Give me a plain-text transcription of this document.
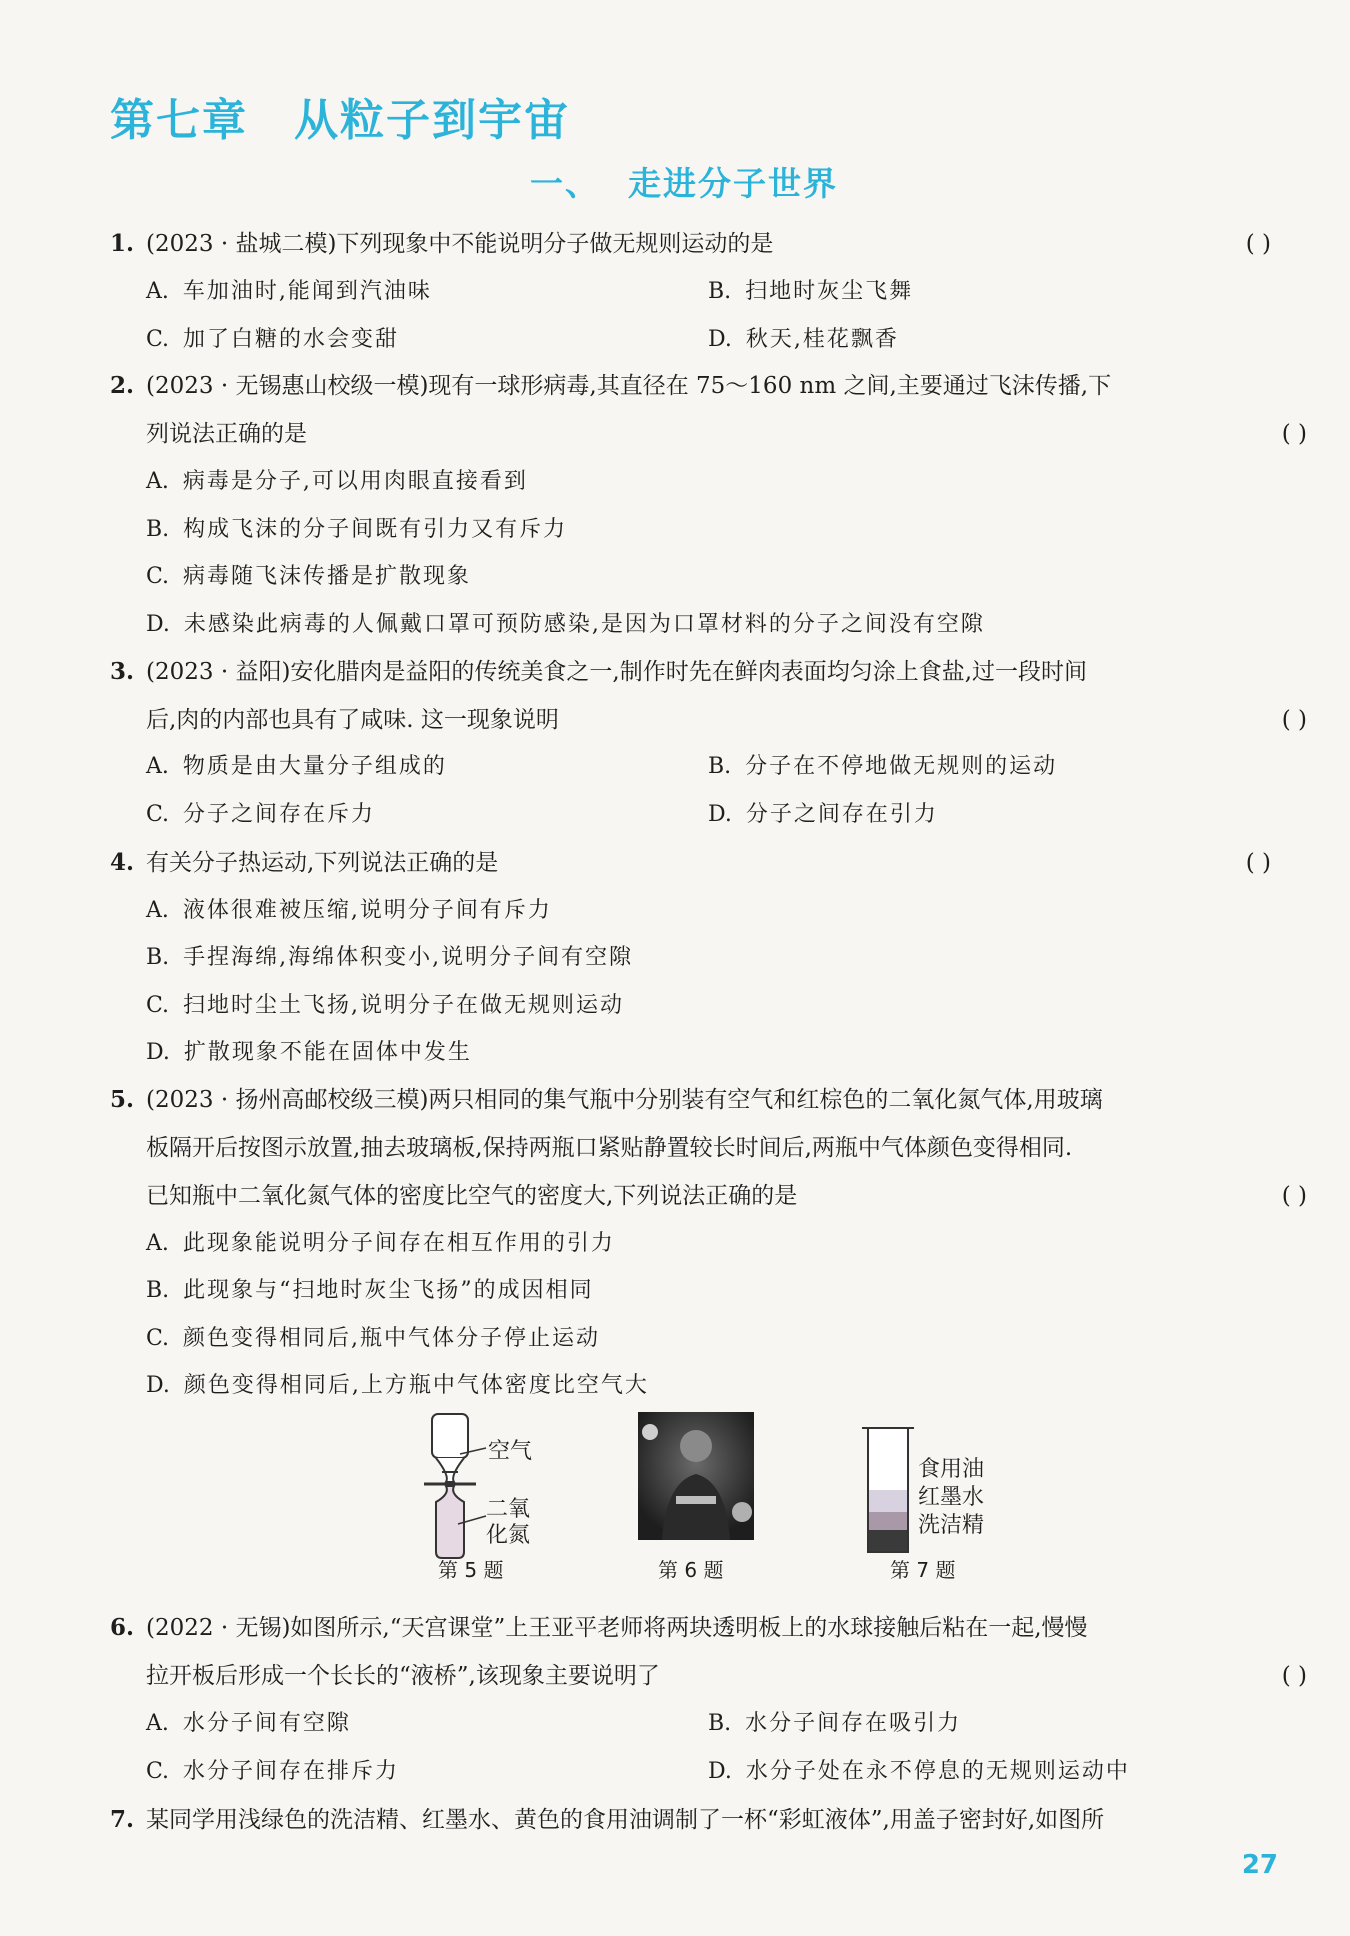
第七章 从粒子到宇宙
一、 走进分子世界
1. (2023 · 盐城二模)下列现象中不能说明分子做无规则运动的是	( )
A. 车加油时,能闻到汽油味	B. 扫地时灰尘飞舞
C. 加了白糖的水会变甜	D. 秋天,桂花飘香
2. (2023 · 无锡惠山校级一模)现有一球形病毒,其直径在 75～160 nm 之间,主要通过飞沫传播,下
列说法正确的是	( )
A. 病毒是分子,可以用肉眼直接看到
B. 构成飞沫的分子间既有引力又有斥力
C. 病毒随飞沫传播是扩散现象
D. 未感染此病毒的人佩戴口罩可预防感染,是因为口罩材料的分子之间没有空隙
3. (2023 · 益阳)安化腊肉是益阳的传统美食之一,制作时先在鲜肉表面均匀涂上食盐,过一段时间
后,肉的内部也具有了咸味. 这一现象说明	( )
A. 物质是由大量分子组成的	B. 分子在不停地做无规则的运动
C. 分子之间存在斥力	D. 分子之间存在引力
4. 有关分子热运动,下列说法正确的是	( )
A. 液体很难被压缩,说明分子间有斥力
B. 手捏海绵,海绵体积变小,说明分子间有空隙
C. 扫地时尘土飞扬,说明分子在做无规则运动
D. 扩散现象不能在固体中发生
5. (2023 · 扬州高邮校级三模)两只相同的集气瓶中分别装有空气和红棕色的二氧化氮气体,用玻璃
板隔开后按图示放置,抽去玻璃板,保持两瓶口紧贴静置较长时间后,两瓶中气体颜色变得相同.
已知瓶中二氧化氮气体的密度比空气的密度大,下列说法正确的是	( )
A. 此现象能说明分子间存在相互作用的引力
B. 此现象与“扫地时灰尘飞扬”的成因相同
C. 颜色变得相同后,瓶中气体分子停止运动
D. 颜色变得相同后,上方瓶中气体密度比空气大
空气
二氧
化氮
第 5 题	第 6 题
食用油
红墨水
洗洁精
第 7 题
6. (2022 · 无锡)如图所示,“天宫课堂”上王亚平老师将两块透明板上的水球接触后粘在一起,慢慢
拉开板后形成一个长长的“液桥”,该现象主要说明了	( )
A. 水分子间有空隙	B. 水分子间存在吸引力
C. 水分子间存在排斥力	D. 水分子处在永不停息的无规则运动中
7. 某同学用浅绿色的洗洁精、红墨水、黄色的食用油调制了一杯“彩虹液体”,用盖子密封好,如图所
27
